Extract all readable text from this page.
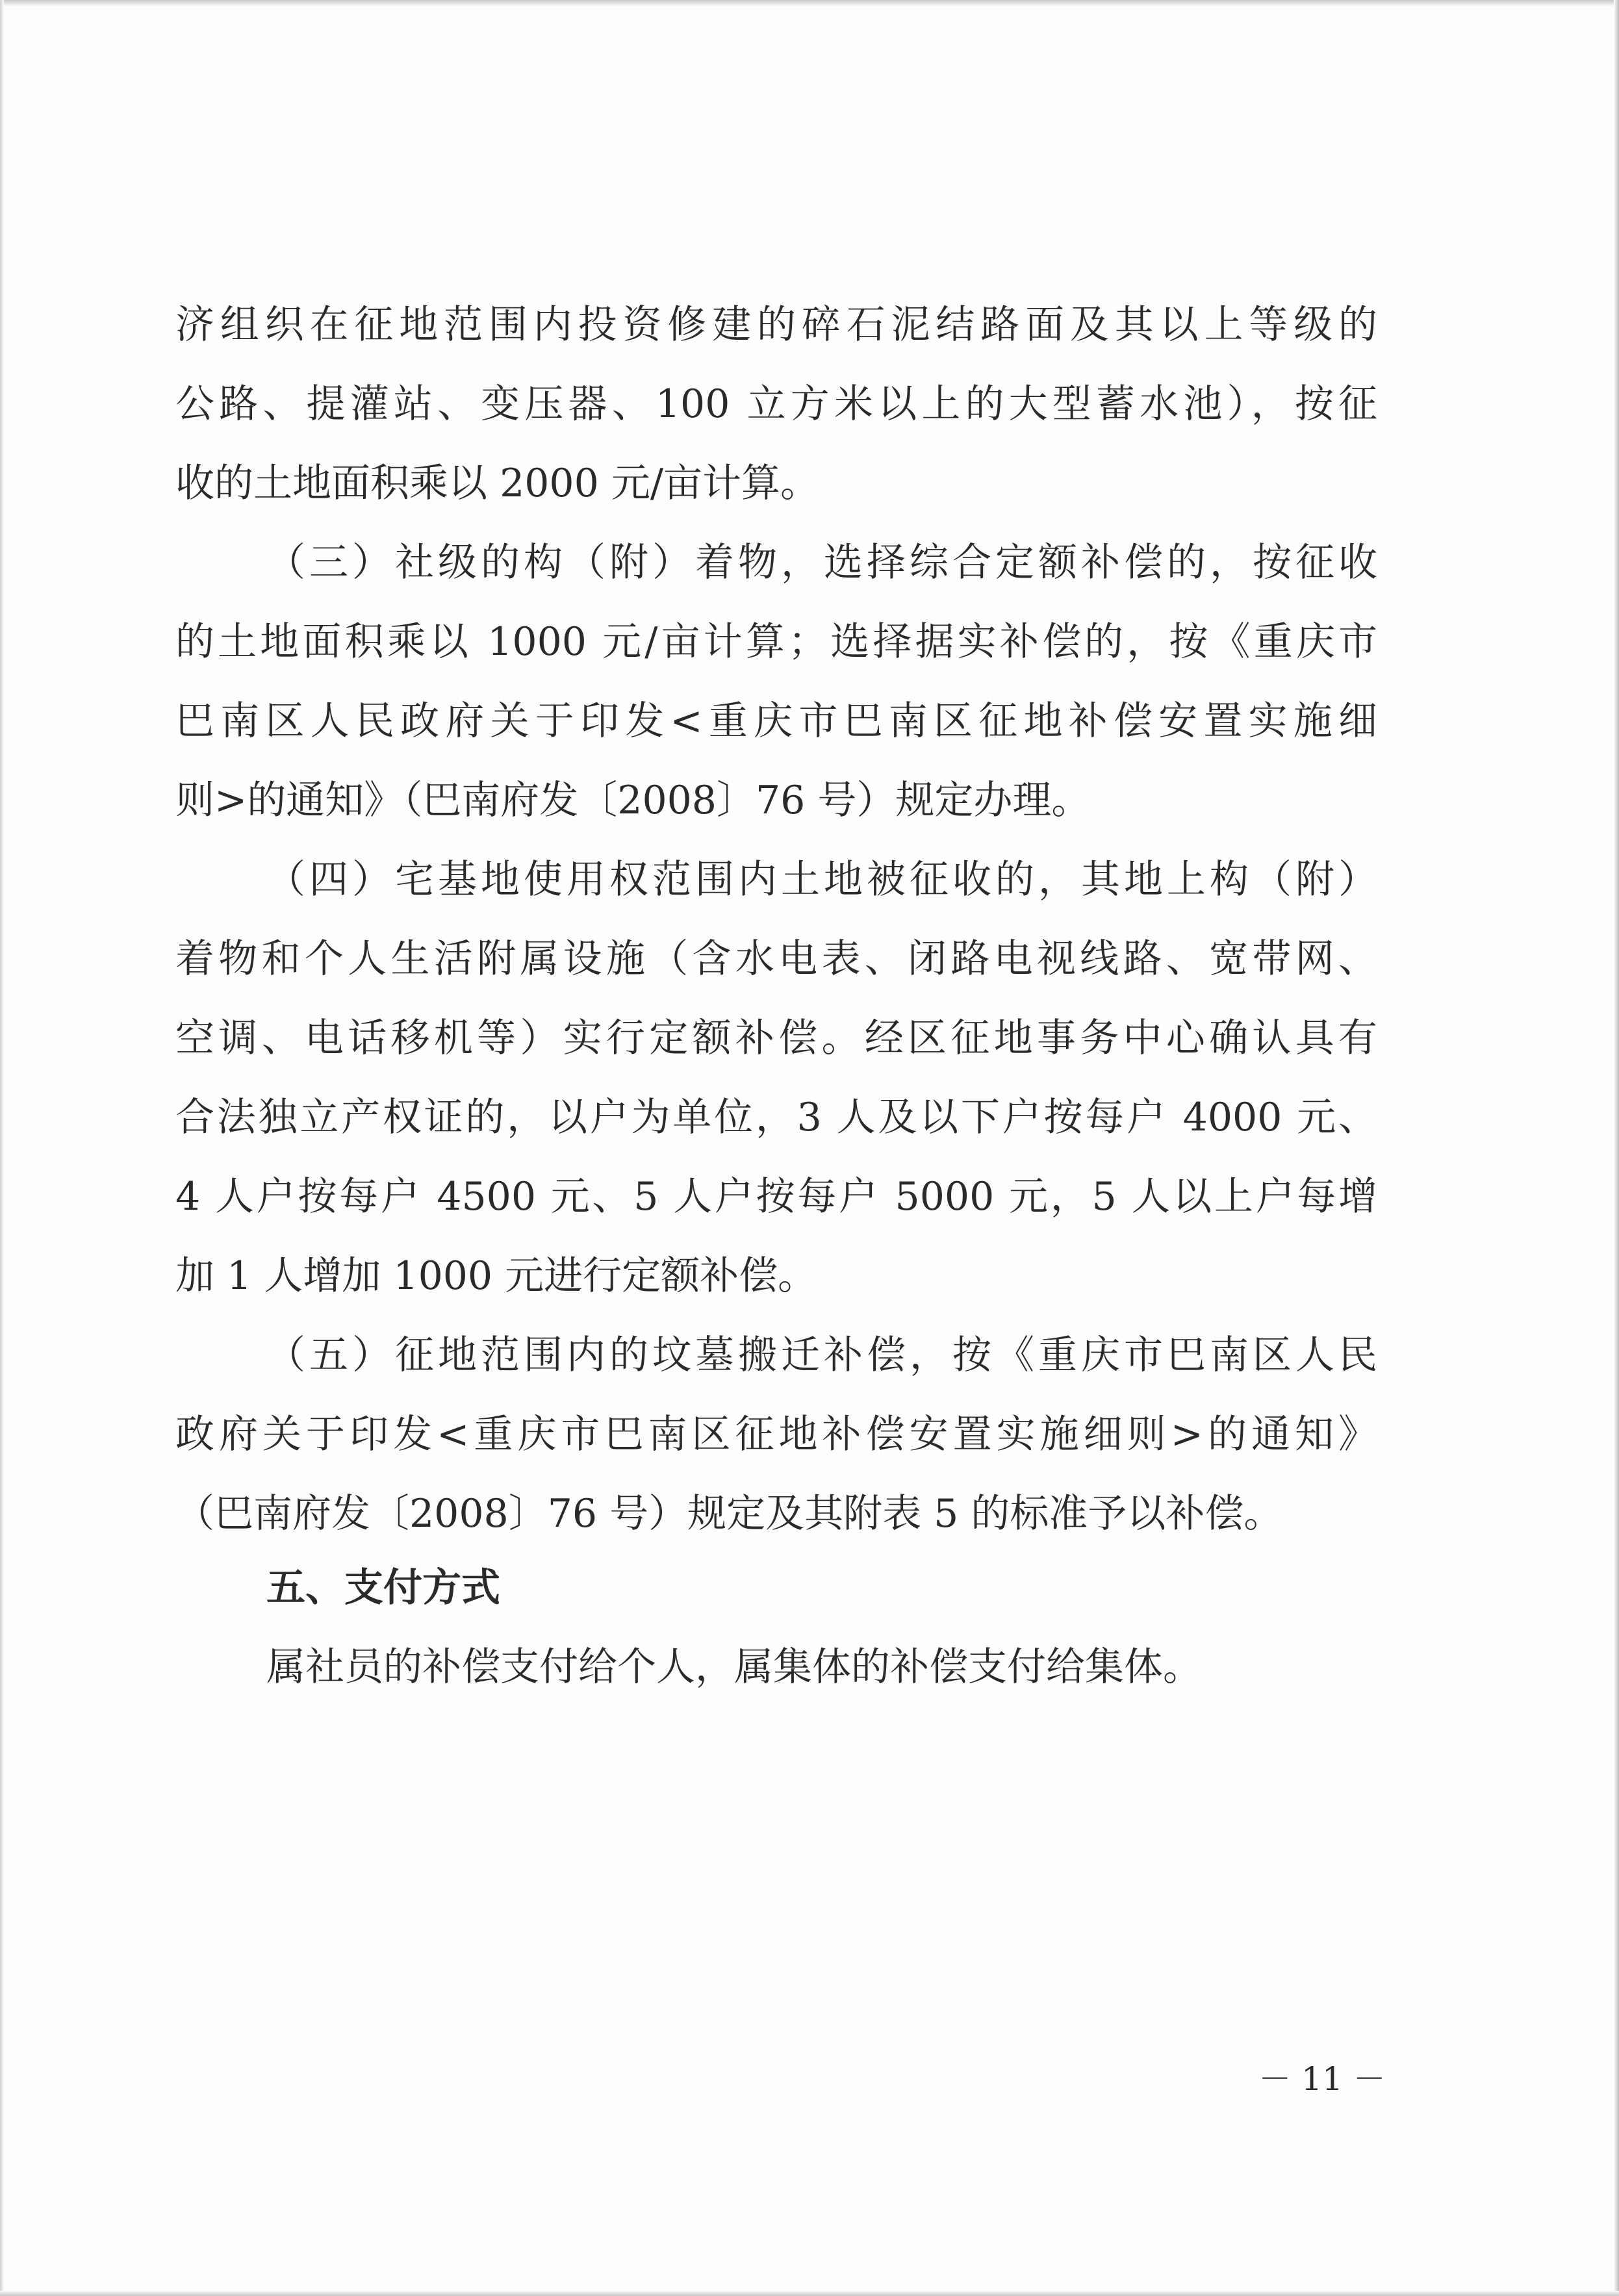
济组织在征地范围内投资修建的碎石泥结路面及其以上等级的
公路、提灌站、变压器、100 立方米以上的大型蓄水池），按征
收的土地面积乘以 2000 元/亩计算。
（三）社级的构（附）着物，选择综合定额补偿的，按征收
的土地面积乘以 1000 元/亩计算；选择据实补偿的，按《重庆市
巴南区人民政府关于印发<重庆市巴南区征地补偿安置实施细
则>的通知》（巴南府发〔2008〕76 号）规定办理。
（四）宅基地使用权范围内土地被征收的，其地上构（附）
着物和个人生活附属设施（含水电表、闭路电视线路、宽带网、
空调、电话移机等）实行定额补偿。经区征地事务中心确认具有
合法独立产权证的，以户为单位，3 人及以下户按每户 4000 元、
4 人户按每户 4500 元、5 人户按每户 5000 元，5 人以上户每增
加 1 人增加 1000 元进行定额补偿。
（五）征地范围内的坟墓搬迁补偿，按《重庆市巴南区人民
政府关于印发<重庆市巴南区征地补偿安置实施细则>的通知》
（巴南府发〔2008〕76 号）规定及其附表 5 的标准予以补偿。
五、支付方式
属社员的补偿支付给个人，属集体的补偿支付给集体。
－ 11 －
